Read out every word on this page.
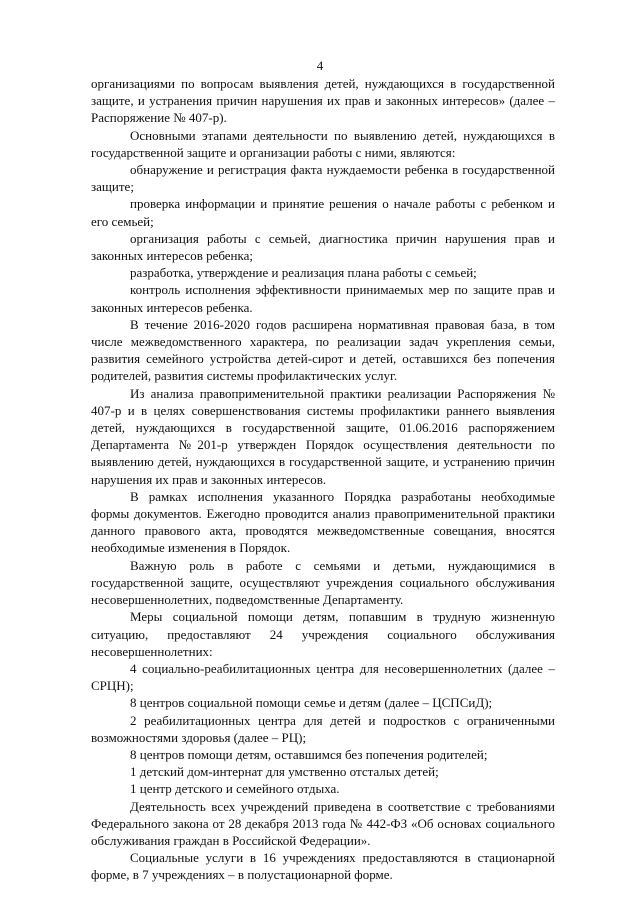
4

организациями по вопросам выявления детей, нуждающихся в государственной защите, и устранения причин нарушения их прав и законных интересов» (далее – Распоряжение № 407-р).

Основными этапами деятельности по выявлению детей, нуждающихся в государственной защите и организации работы с ними, являются:

обнаружение и регистрация факта нуждаемости ребенка в государственной защите;

проверка информации и принятие решения о начале работы с ребенком и его семьей;

организация работы с семьей, диагностика причин нарушения прав и законных интересов ребенка;

разработка, утверждение и реализация плана работы с семьей;

контроль исполнения эффективности принимаемых мер по защите прав и законных интересов ребенка.

В течение 2016-2020 годов расширена нормативная правовая база, в том числе межведомственного характера, по реализации задач укрепления семьи, развития семейного устройства детей-сирот и детей, оставшихся без попечения родителей, развития системы профилактических услуг.

Из анализа правоприменительной практики реализации Распоряжения № 407-р и в целях совершенствования системы профилактики раннего выявления детей, нуждающихся в государственной защите, 01.06.2016 распоряжением Департамента №201-р утвержден Порядок осуществления деятельности по выявлению детей, нуждающихся в государственной защите, и устранению причин нарушения их прав и законных интересов.

В рамках исполнения указанного Порядка разработаны необходимые формы документов. Ежегодно проводится анализ правоприменительной практики данного правового акта, проводятся межведомственные совещания, вносятся необходимые изменения в Порядок.

Важную роль в работе с семьями и детьми, нуждающимися в государственной защите, осуществляют учреждения социального обслуживания несовершеннолетних, подведомственные Департаменту.

Меры социальной помощи детям, попавшим в трудную жизненную ситуацию, предоставляют 24 учреждения социального обслуживания несовершеннолетних:

4 социально-реабилитационных центра для несовершеннолетних (далее – СРЦН);

8 центров социальной помощи семье и детям (далее – ЦСПСиД);

2 реабилитационных центра для детей и подростков с ограниченными возможностями здоровья (далее – РЦ);

8 центров помощи детям, оставшимся без попечения родителей;

1 детский дом-интернат для умственно отсталых детей;

1 центр детского и семейного отдыха.

Деятельность всех учреждений приведена в соответствие с требованиями Федерального закона от 28 декабря 2013 года № 442-ФЗ «Об основах социального обслуживания граждан в Российской Федерации».

Социальные услуги в 16 учреждениях предоставляются в стационарной форме, в 7 учреждениях – в полустационарной форме.
